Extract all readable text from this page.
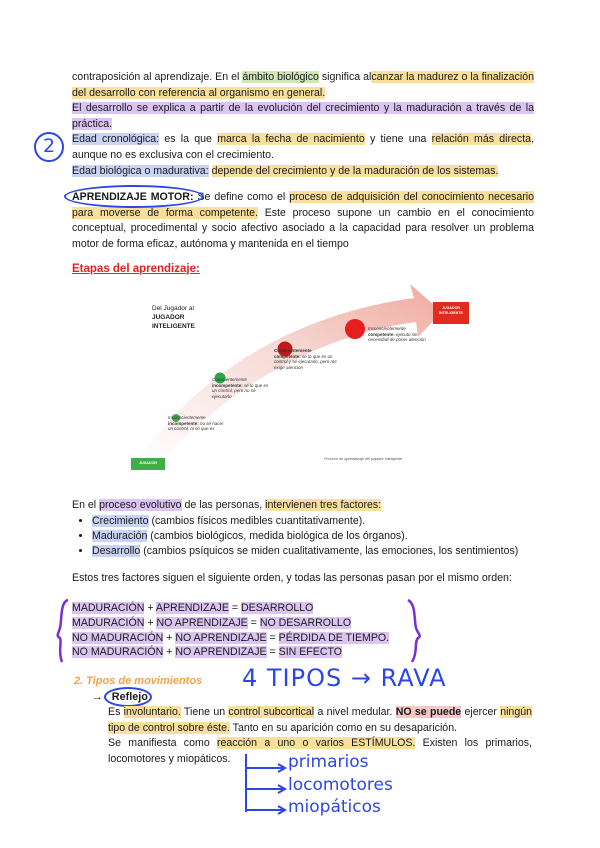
contraposición al aprendizaje. En el ámbito biológico significa alcanzar la madurez o la finalización del desarrollo con referencia al organismo en general.
El desarrollo se explica a partir de la evolución del crecimiento y la maduración a través de la práctica.
Edad cronológica: es la que marca la fecha de nacimiento y tiene una relación más directa, aunque no es exclusiva con el crecimiento.
Edad biológica o madurativa: depende del crecimiento y de la maduración de los sistemas.
2
APRENDIZAJE MOTOR: Se define como el proceso de adquisición del conocimiento necesario para moverse de forma competente. Este proceso supone un cambio en el conocimiento conceptual, procedimental y socio afectivo asociado a la capacidad para resolver un problema motor de forma eficaz, autónoma y mantenida en el tiempo
Etapas del aprendizaje:
Del Jugador al
JUGADOR
INTELIGENTE
JUGADOR
JUGADOR
INTELIGENTE
Inconscientemente
incompetente: no sé hacer un control, ni sé que es
Conscientemente
incompetente: sé lo que es un control, pero no sé ejecutarlo
Conscientemente
competente: sé lo que es un control y sé ejecutarlo, pero me exige atención
Inconscientemente
competente: ejecuto sin necesidad de poner atención
Proceso de aprendizaje del jugador inteligente
En el proceso evolutivo de las personas, intervienen tres factores:
• Crecimiento (cambios físicos medibles cuantitativamente).
• Maduración (cambios biológicos, medida biológica de los órganos).
• Desarrollo (cambios psíquicos se miden cualitativamente, las emociones, los sentimientos)
Estos tres factores siguen el siguiente orden, y todas las personas pasan por el mismo orden:
MADURACIÓN + APRENDIZAJE = DESARROLLO
MADURACIÓN + NO APRENDIZAJE = NO DESARROLLO
NO MADURACIÓN + NO APRENDIZAJE = PÉRDIDA DE TIEMPO.
NO MADURACIÓN + NO APRENDIZAJE = SIN EFECTO
2. Tipos de movimientos
→ Reflejo
Es involuntario. Tiene un control subcortical a nivel medular. NO se puede ejercer ningún tipo de control sobre éste. Tanto en su aparición como en su desaparición.
Se manifiesta como reacción a uno o varios ESTÍMULOS. Existen los primarios, locomotores y miopáticos.
4 TIPOS → RAVA
primarios
locomotores
miopáticos
